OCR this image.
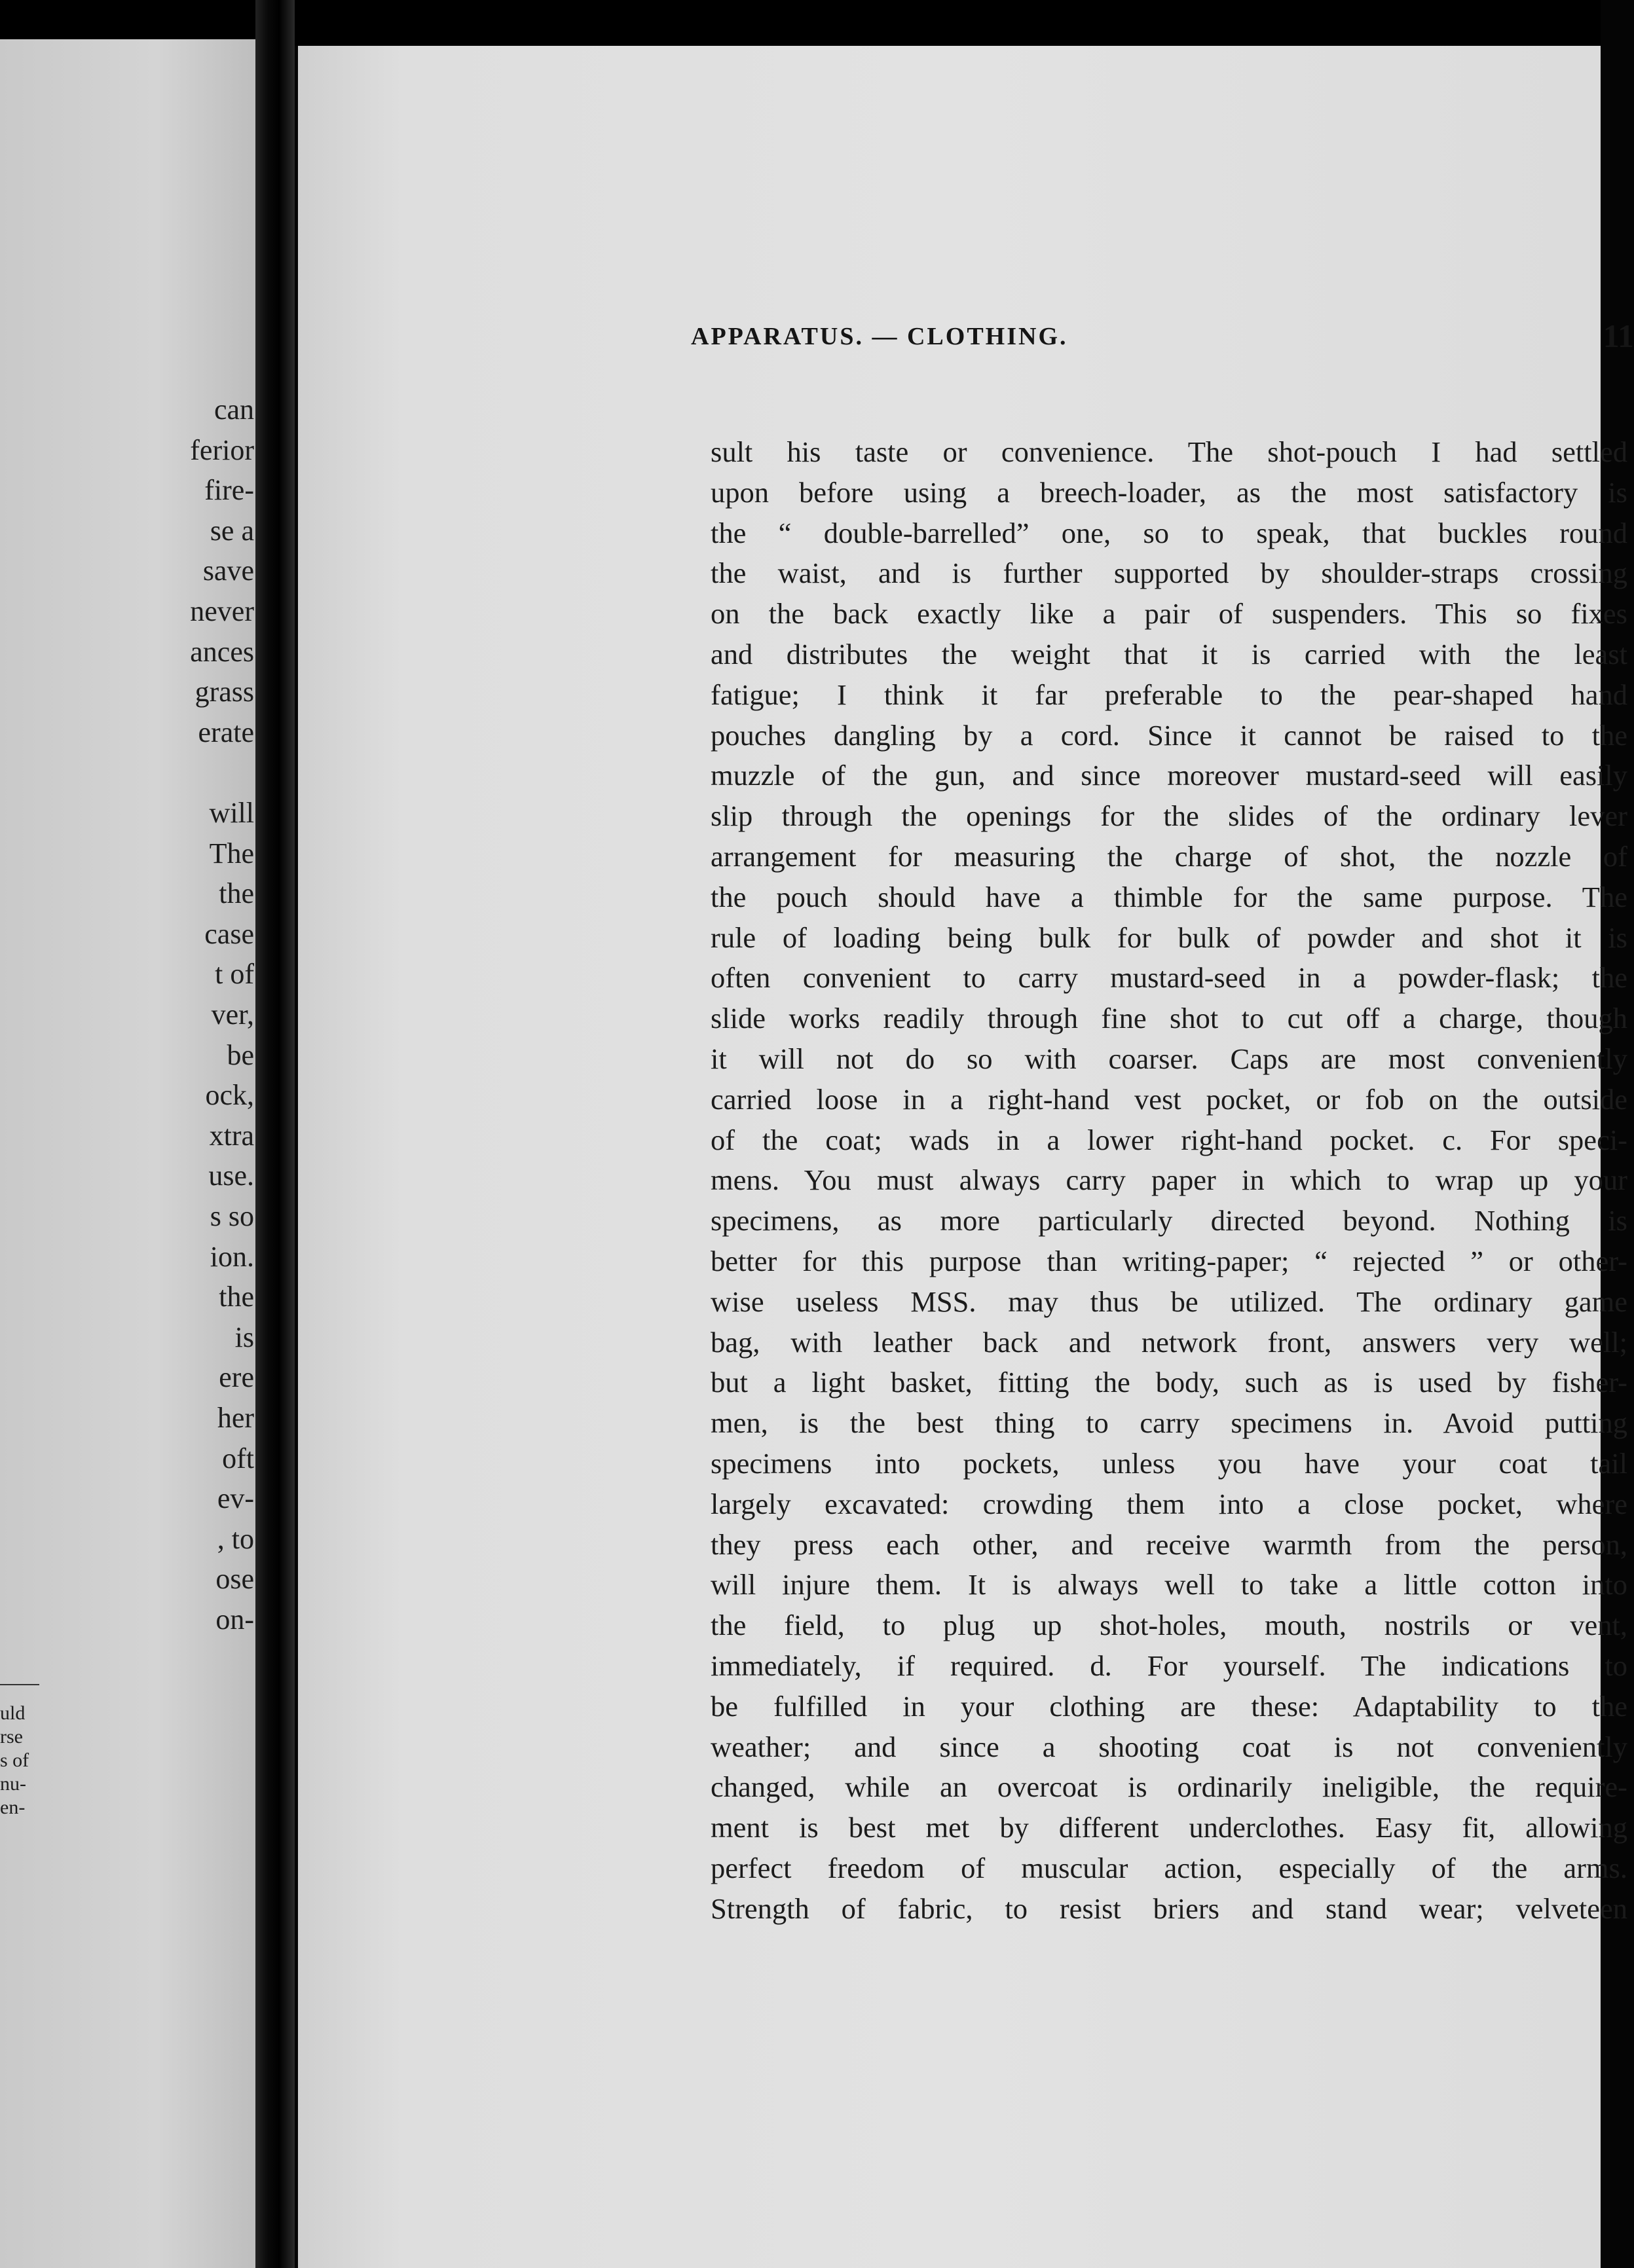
can
ferior
fire-
se a
save
never
ances
grass
erate
will
The
the
case
t of
ver,
be
ock,
xtra
use.
s so
ion.
the
is
ere
her
oft
ev-
, to
ose
on-
uld
rse
s of
nu-
en-
APPARATUS. — CLOTHING.	11
sult his taste or convenience. The shot-pouch I had settled
upon before using a breech-loader, as the most satisfactory is
the “ double-barrelled” one, so to speak, that buckles round
the waist, and is further supported by shoulder-straps crossing
on the back exactly like a pair of suspenders. This so fixes
and distributes the weight that it is carried with the least
fatigue; I think it far preferable to the pear-shaped hand
pouches dangling by a cord. Since it cannot be raised to the
muzzle of the gun, and since moreover mustard-seed will easily
slip through the openings for the slides of the ordinary lever
arrangement for measuring the charge of shot, the nozzle of
the pouch should have a thimble for the same purpose. The
rule of loading being bulk for bulk of powder and shot it is
often convenient to carry mustard-seed in a powder-flask; the
slide works readily through fine shot to cut off a charge, though
it will not do so with coarser. Caps are most conveniently
carried loose in a right-hand vest pocket, or fob on the outside
of the coat; wads in a lower right-hand pocket. c. For speci-
mens. You must always carry paper in which to wrap up your
specimens, as more particularly directed beyond. Nothing is
better for this purpose than writing-paper; “ rejected ” or other-
wise useless MSS. may thus be utilized. The ordinary game
bag, with leather back and network front, answers very well;
but a light basket, fitting the body, such as is used by fisher-
men, is the best thing to carry specimens in. Avoid putting
specimens into pockets, unless you have your coat tail
largely excavated: crowding them into a close pocket, where
they press each other, and receive warmth from the person,
will injure them. It is always well to take a little cotton into
the field, to plug up shot-holes, mouth, nostrils or vent,
immediately, if required. d. For yourself. The indications to
be fulfilled in your clothing are these: Adaptability to the
weather; and since a shooting coat is not conveniently
changed, while an overcoat is ordinarily ineligible, the require-
ment is best met by different underclothes. Easy fit, allowing
perfect freedom of muscular action, especially of the arms.
Strength of fabric, to resist briers and stand wear; velveteen
